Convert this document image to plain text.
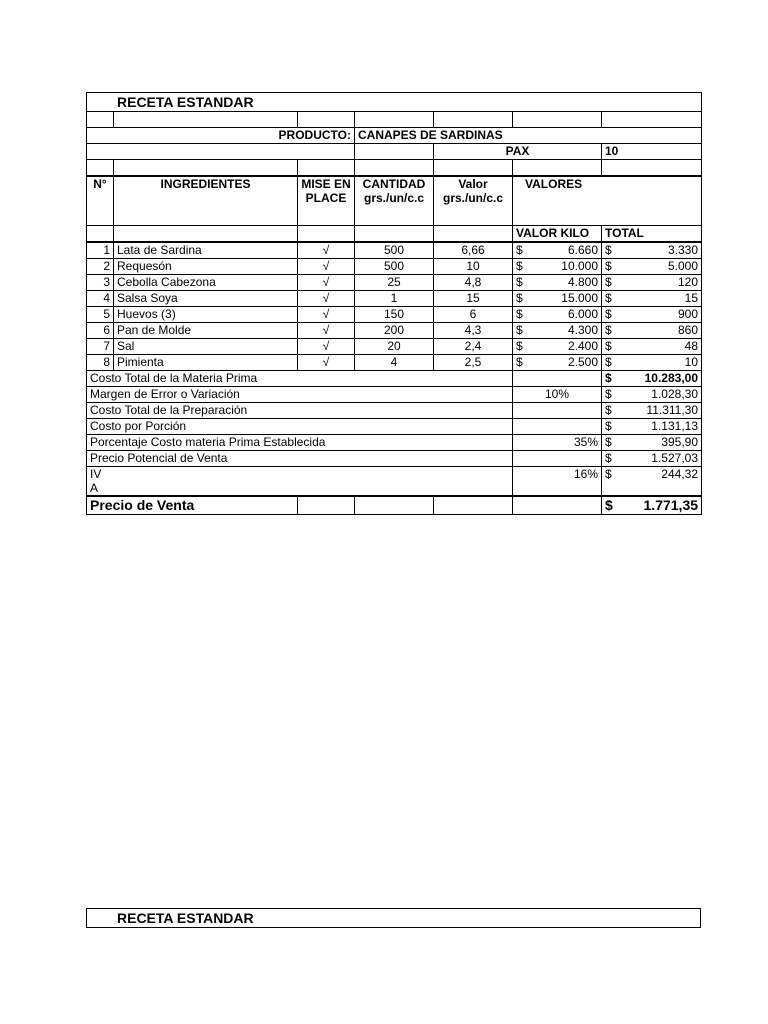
RECETA ESTANDAR						

PRODUCTO:			CANAPES DE SARDINAS			
				PAX		10

N°	INGREDIENTES	MISE EN PLACE	CANTIDAD grs./un/c.c	Valor grs./un/c.c	VALORES	
					VALOR KILO	TOTAL
1	Lata de Sardina	√	500	6,66	$ 6.660	$ 3.330

2	Requesón	√	500	10	$ 10.000	$ 5.000

3	Cebolla Cabezona	√	25	4,8	$ 4.800	$ 120

4	Salsa Soya	√	1	15	$ 15.000	$ 15

5	Huevos (3)	√	150	6	$ 6.000	$ 900

6	Pan de Molde	√	200	4,3	$ 4.300	$ 860

7	Sal	√	20	2,4	$ 2.400	$ 48

8	Pimienta	√	4	2,5	$ 2.500	$ 10

Costo Total de la Materia Prima						$ 10.283,00

Margen de Error o Variación					10%	$ 1.028,30

Costo Total de la Preparación						$ 11.311,30

Costo por Porción						$ 1.131,13

Porcentaje Costo materia Prima Establecida					35%	$ 395,90

Precio Potencial de Venta						$ 1.527,03

IV
A					16%	$ 244,32

Precio de Venta						$ 1.771,35
RECETA ESTANDAR
